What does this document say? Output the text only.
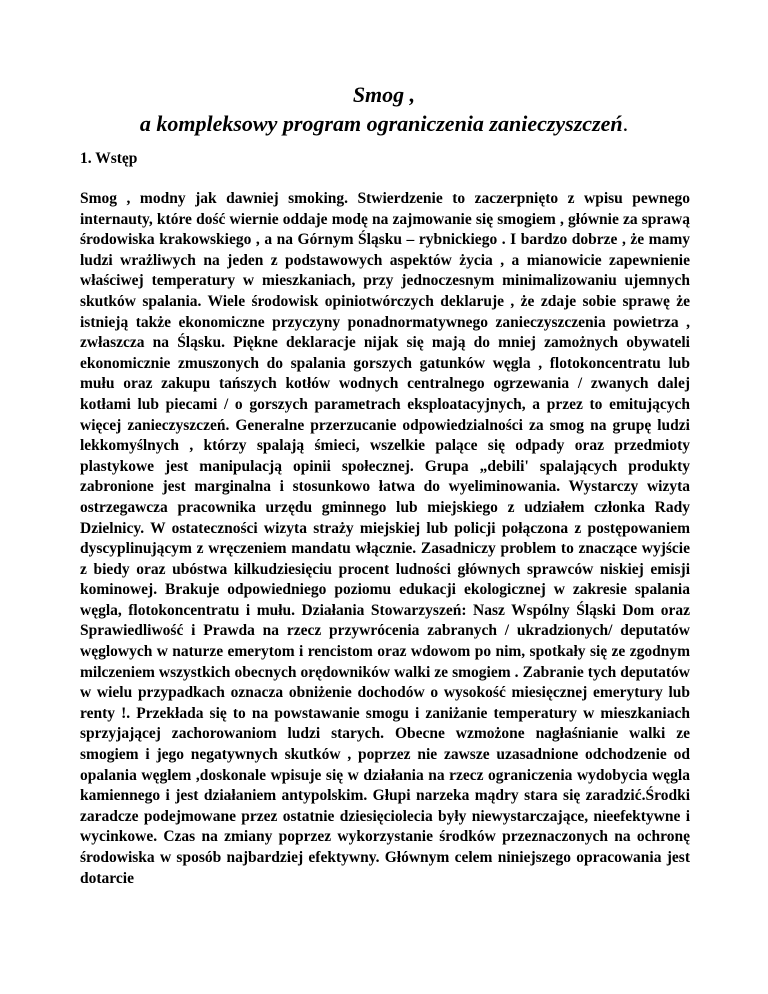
Smog ,
a kompleksowy program ograniczenia zanieczyszczeń.
1. Wstęp

Smog , modny jak dawniej smoking. Stwierdzenie to zaczerpnięto z wpisu pewnego internauty, które dość wiernie oddaje modę na zajmowanie się smogiem , głównie za sprawą środowiska krakowskiego , a na Górnym Śląsku – rybnickiego . I bardzo dobrze , że mamy ludzi wrażliwych na jeden z podstawowych aspektów życia , a mianowicie zapewnienie właściwej temperatury w mieszkaniach, przy jednoczesnym minimalizowaniu ujemnych skutków spalania. Wiele środowisk opiniotwórczych deklaruje , że zdaje sobie sprawę że istnieją także ekonomiczne przyczyny ponadnormatywnego zanieczyszczenia powietrza , zwłaszcza na Śląsku. Piękne deklaracje nijak się mają do mniej zamożnych obywateli ekonomicznie zmuszonych do spalania gorszych gatunków węgla , flotokoncentratu lub mułu oraz zakupu tańszych kotłów wodnych centralnego ogrzewania / zwanych dalej kotłami lub piecami / o gorszych parametrach eksploatacyjnych, a przez to emitujących więcej zanieczyszczeń. Generalne przerzucanie odpowiedzialności za smog na grupę ludzi lekkomyślnych , którzy spalają śmieci, wszelkie palące się odpady oraz przedmioty plastykowe jest manipulacją opinii społecznej. Grupa „debili' spalających produkty zabronione jest marginalna i stosunkowo łatwa do wyeliminowania. Wystarczy wizyta ostrzegawcza pracownika urzędu gminnego lub miejskiego z udziałem członka Rady Dzielnicy. W ostateczności wizyta straży miejskiej lub policji połączona z postępowaniem dyscyplinującym z wręczeniem mandatu włącznie. Zasadniczy problem to znaczące wyjście z biedy oraz ubóstwa kilkudziesięciu procent ludności głównych sprawców niskiej emisji kominowej. Brakuje odpowiedniego poziomu edukacji ekologicznej w zakresie spalania węgla, flotokoncentratu i mułu. Działania Stowarzyszeń: Nasz Wspólny Śląski Dom oraz Sprawiedliwość i Prawda na rzecz przywrócenia zabranych / ukradzionych/ deputatów węglowych w naturze emerytom i rencistom oraz wdowom po nim, spotkały się ze zgodnym milczeniem wszystkich obecnych orędowników walki ze smogiem . Zabranie tych deputatów w wielu przypadkach oznacza obniżenie dochodów o wysokość miesięcznej emerytury lub renty !. Przekłada się to na powstawanie smogu i zaniżanie temperatury w mieszkaniach sprzyjającej zachorowaniom ludzi starych. Obecne wzmożone nagłaśnianie walki ze smogiem i jego negatywnych skutków , poprzez nie zawsze uzasadnione odchodzenie od opalania węglem ,doskonale wpisuje się w działania na rzecz ograniczenia wydobycia węgla kamiennego i jest działaniem antypolskim. Głupi narzeka mądry stara się zaradzić.Środki zaradcze podejmowane przez ostatnie dziesięciolecia były niewystarczające, nieefektywne i wycinkowe. Czas na zmiany poprzez wykorzystanie środków przeznaczonych na ochronę środowiska w sposób najbardziej efektywny. Głównym celem niniejszego opracowania jest dotarcie
